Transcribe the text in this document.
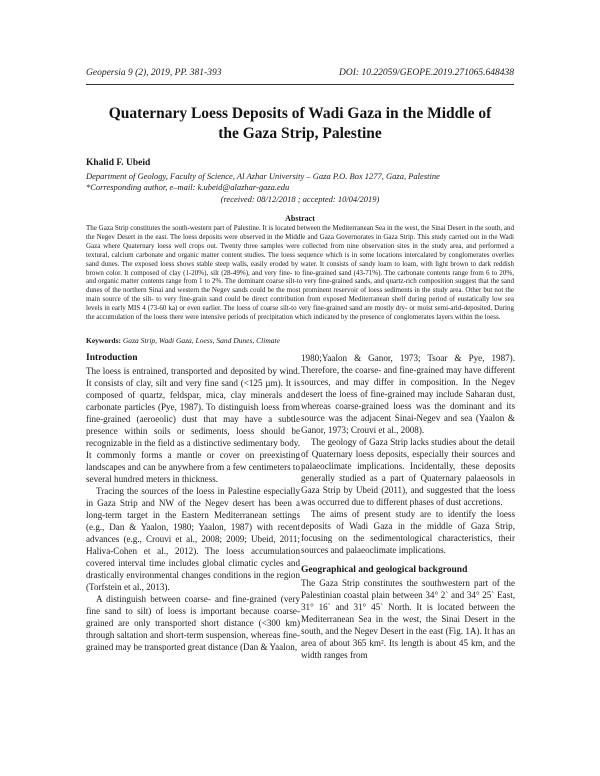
Geopersia 9 (2), 2019, PP. 381-393	DOI: 10.22059/GEOPE.2019.271065.648438
Quaternary Loess Deposits of Wadi Gaza in the Middle of the Gaza Strip, Palestine
Khalid F. Ubeid
Department of Geology, Faculty of Science, Al Azhar University – Gaza P.O. Box 1277, Gaza, Palestine
*Corresponding author, e–mail: k.ubeid@alazhar-gaza.edu
(received: 08/12/2018 ; accepted: 10/04/2019)
Abstract
The Gaza Strip constitutes the south-western part of Palestine. It is located between the Mediterranean Sea in the west, the Sinai Desert in the south, and the Negev Desert in the east. The loess deposits were observed in the Middle and Gaza Governorates in Gaza Strip. This study carried out in the Wadi Gaza where Quaternary loess well crops out. Twenty three samples were collected from nine observation sites in the study area, and performed a textural, calcium carbonate and organic matter content studies. The loess sequence which is in some locations intercalated by conglomerates overlies sand dunes. The exposed loess shows stable steep walls, easily eroded by water. It consists of sandy loam to loam, with light brown to dark reddish brown color. It composed of clay (1-20%), silt (28-49%), and very fine- to fine-grained sand (43-71%). The carbonate contents range from 6 to 20%, and organic matter contents range from 1 to 2%. The dominant coarse silt-to very fine-grained sands, and quartz-rich composition suggest that the sand dunes of the northern Sinai and western the Negev sands could be the most prominent reservoir of loess sediments in the study area. Other but not the main source of the silt- to very fine-grain sand could be direct contribution from exposed Mediterranean shelf during period of eustatically low sea levels in early MIS 4 (73-60 ka) or even earlier. The loess of coarse silt-to very fine-grained sand are mostly dry- or moist semi-arid-deposited. During the accumulation of the loess there were intensive periods of precipitation which indicated by the presence of conglomerates layers within the loess.
Keywords: Gaza Strip, Wadi Gaza, Loess, Sand Dunes, Climate
Introduction

The loess is entrained, transported and deposited by wind. It consists of clay, silt and very fine sand (<125 µm). It is composed of quartz, feldspar, mica, clay minerals and carbonate particles (Pye, 1987). To distinguish loess from fine-grained (aeroeolic) dust that may have a subtle presence within soils or sediments, loess should be recognizable in the field as a distinctive sedimentary body. It commonly forms a mantle or cover on preexisting landscapes and can be anywhere from a few centimeters to several hundred meters in thickness.

Tracing the sources of the loess in Palestine especially in Gaza Strip and NW of the Negev desert has been a long-term target in the Eastern Mediterranean settings (e.g., Dan & Yaalon, 1980; Yaalon, 1987) with recent advances (e.g., Crouvi et al., 2008; 2009; Ubeid, 2011; Haliva-Cohen et al., 2012). The loess accumulation covered interval time includes global climatic cycles and drastically environmental changes conditions in the region (Torfstein et al., 2013).

A distinguish between coarse- and fine-grained (very fine sand to silt) of loess is important because coarse-grained are only transported short distance (<300 km) through saltation and short-term suspension, whereas fine-grained may be transported great distance (Dan & Yaalon,

1980;Yaalon & Ganor, 1973; Tsoar & Pye, 1987). Therefore, the coarse- and fine-grained may have different sources, and may differ in composition. In the Negev desert the loess of fine-grained may include Saharan dust, whereas coarse-grained loess was the dominant and its source was the adjacent Sinai-Negev and sea (Yaalon & Ganor, 1973; Crouvi et al., 2008).

The geology of Gaza Strip lacks studies about the detail of Quaternary loess deposits, especially their sources and palaeoclimate implications. Incidentally, these deposits generally studied as a part of Quaternary palaeosols in Gaza Strip by Ubeid (2011), and suggested that the loess was occurred due to different phases of dust accretions.

The aims of present study are to identify the loess deposits of Wadi Gaza in the middle of Gaza Strip, focusing on the sedimentological characteristics, their sources and palaeoclimate implications.

Geographical and geological background

The Gaza Strip constitutes the southwestern part of the Palestinian coastal plain between 34° 2` and 34° 25` East, 31° 16` and 31° 45` North. It is located between the Mediterranean Sea in the west, the Sinai Desert in the south, and the Negev Desert in the east (Fig. 1A). It has an area of about 365 km². Its length is about 45 km, and the width ranges from
